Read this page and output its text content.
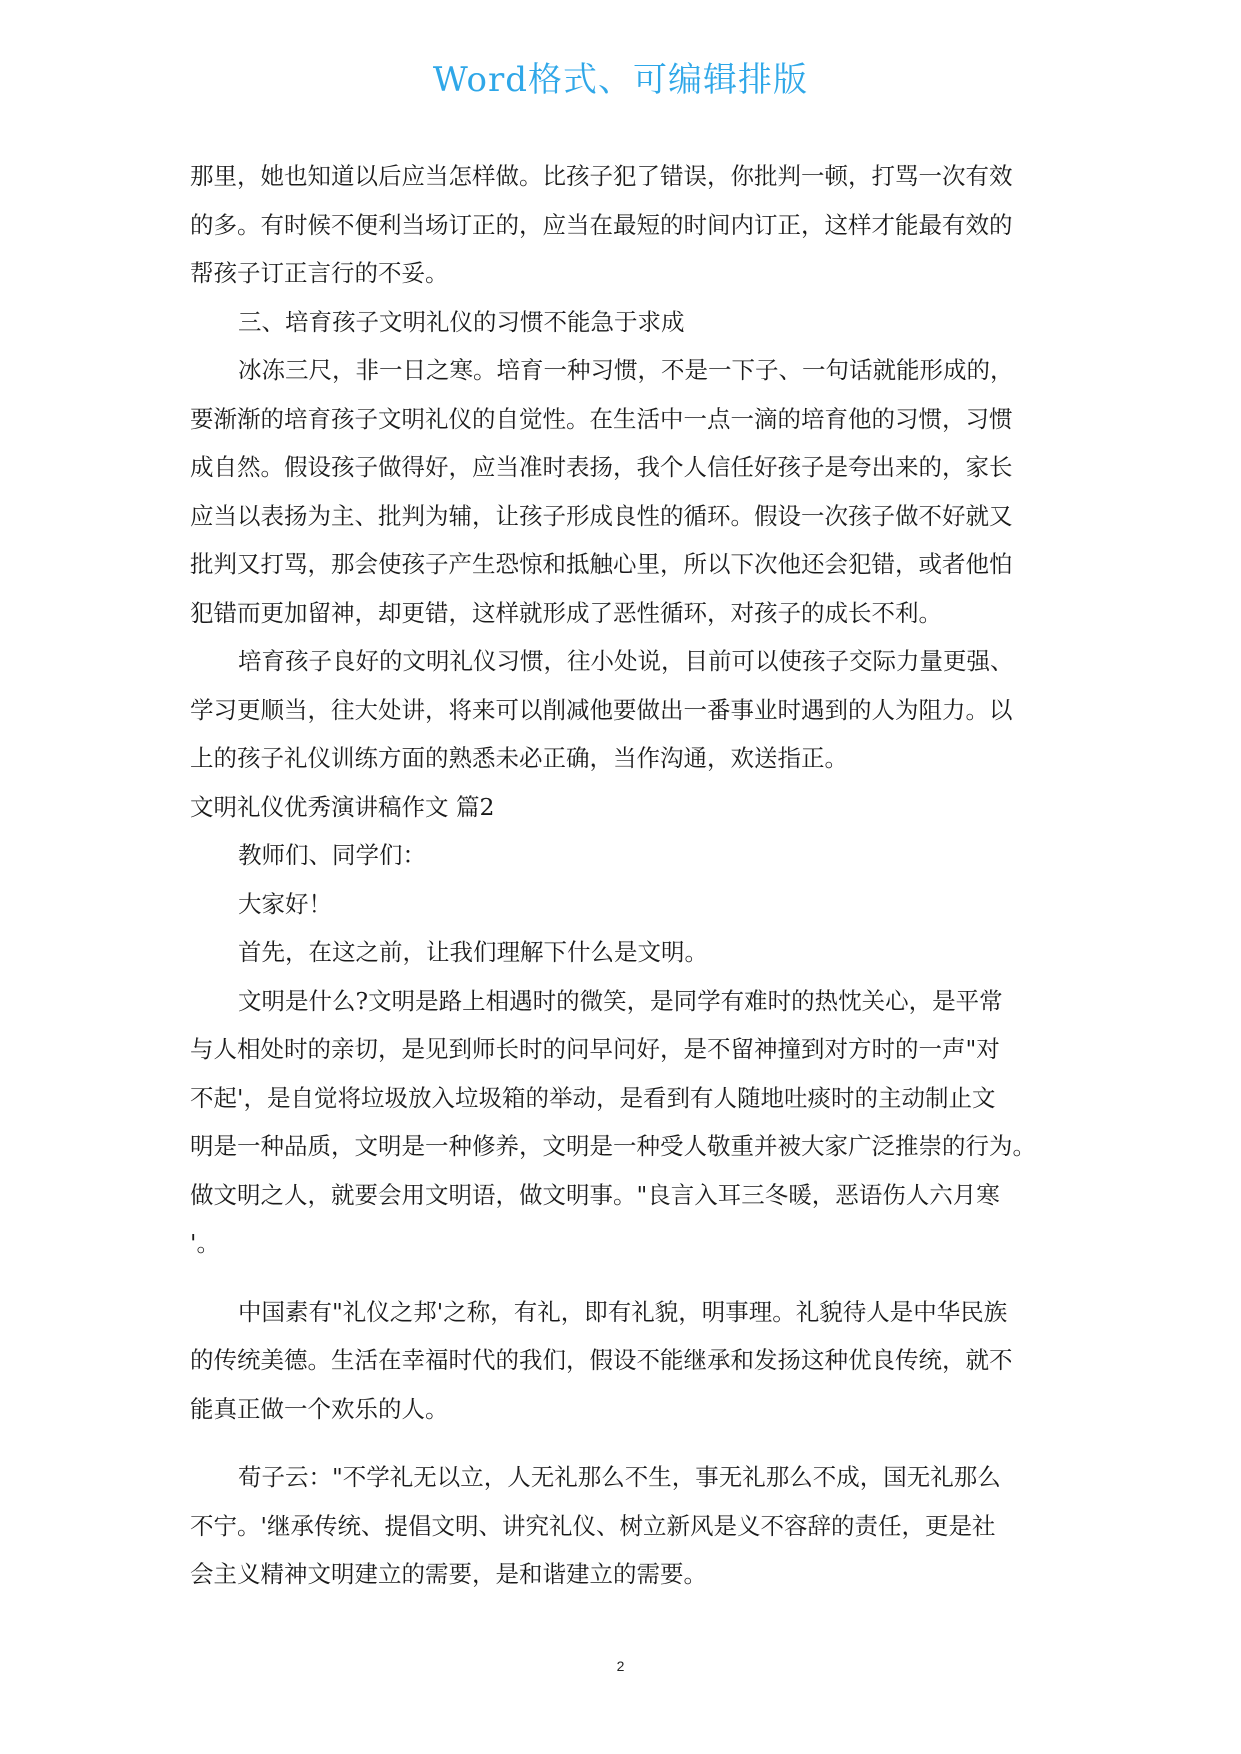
Word格式、可编辑排版

那里，她也知道以后应当怎样做。比孩子犯了错误，你批判一顿，打骂一次有效

的多。有时候不便利当场订正的，应当在最短的时间内订正，这样才能最有效的

帮孩子订正言行的不妥。

三、培育孩子文明礼仪的习惯不能急于求成

冰冻三尺，非一日之寒。培育一种习惯，不是一下子、一句话就能形成的，

要渐渐的培育孩子文明礼仪的自觉性。在生活中一点一滴的培育他的习惯，习惯

成自然。假设孩子做得好，应当准时表扬，我个人信任好孩子是夸出来的，家长

应当以表扬为主、批判为辅，让孩子形成良性的循环。假设一次孩子做不好就又

批判又打骂，那会使孩子产生恐惊和抵触心里，所以下次他还会犯错，或者他怕

犯错而更加留神，却更错，这样就形成了恶性循环，对孩子的成长不利。

培育孩子良好的文明礼仪习惯，往小处说，目前可以使孩子交际力量更强、

学习更顺当，往大处讲，将来可以削减他要做出一番事业时遇到的人为阻力。以

上的孩子礼仪训练方面的熟悉未必正确，当作沟通，欢送指正。

文明礼仪优秀演讲稿作文 篇2

教师们、同学们：

大家好！

首先，在这之前，让我们理解下什么是文明。

文明是什么?文明是路上相遇时的微笑，是同学有难时的热忱关心，是平常

与人相处时的亲切，是见到师长时的问早问好，是不留神撞到对方时的一声"对

不起'，是自觉将垃圾放入垃圾箱的举动，是看到有人随地吐痰时的主动制止文

明是一种品质，文明是一种修养，文明是一种受人敬重并被大家广泛推崇的行为。

做文明之人，就要会用文明语，做文明事。"良言入耳三冬暖，恶语伤人六月寒

'。

中国素有"礼仪之邦'之称，有礼，即有礼貌，明事理。礼貌待人是中华民族

的传统美德。生活在幸福时代的我们，假设不能继承和发扬这种优良传统，就不

能真正做一个欢乐的人。

荀子云："不学礼无以立，人无礼那么不生，事无礼那么不成，国无礼那么

不宁。'继承传统、提倡文明、讲究礼仪、树立新风是义不容辞的责任，更是社

会主义精神文明建立的需要，是和谐建立的需要。

2
